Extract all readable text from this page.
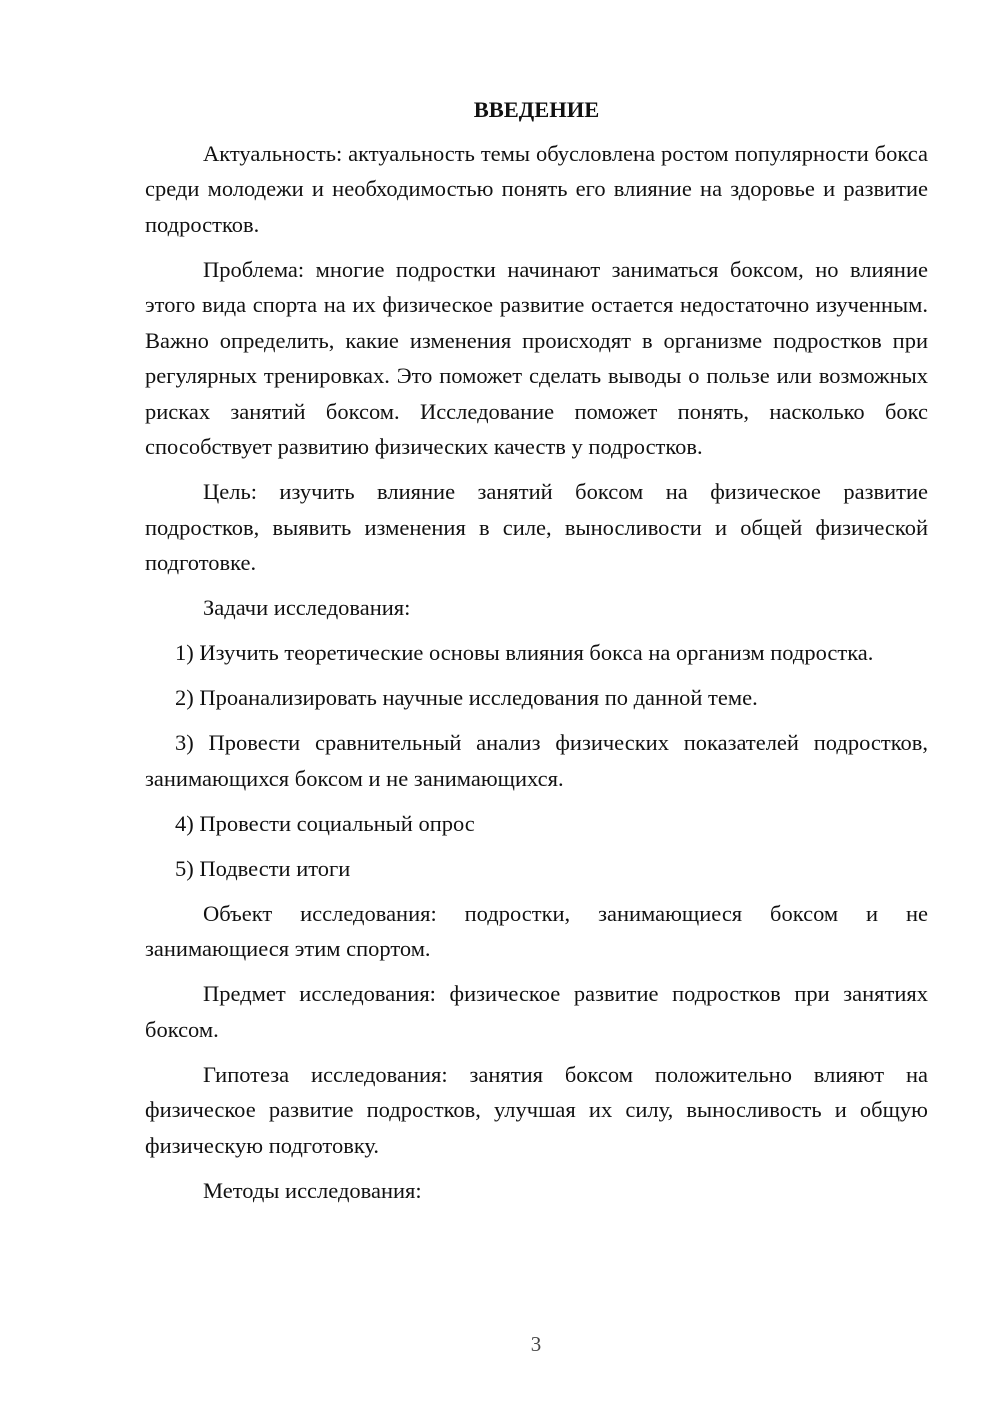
ВВЕДЕНИЕ

Актуальность: актуальность темы обусловлена ростом популярности бокса среди молодежи и необходимостью понять его влияние на здоровье и развитие подростков.

Проблема: многие подростки начинают заниматься боксом, но влияние этого вида спорта на их физическое развитие остается недостаточно изученным. Важно определить, какие изменения происходят в организме подростков при регулярных тренировках. Это поможет сделать выводы о пользе или возможных рисках занятий боксом. Исследование поможет понять, насколько бокс способствует развитию физических качеств у подростков.

Цель: изучить влияние занятий боксом на физическое развитие подростков, выявить изменения в силе, выносливости и общей физической подготовке.

Задачи исследования:

1) Изучить теоретические основы влияния бокса на организм подростка.

2) Проанализировать научные исследования по данной теме.

3) Провести сравнительный анализ физических показателей подростков, занимающихся боксом и не занимающихся.

4) Провести социальный опрос

5) Подвести итоги

Объект исследования: подростки, занимающиеся боксом и не занимающиеся этим спортом.

Предмет исследования: физическое развитие подростков при занятиях боксом.

Гипотеза исследования: занятия боксом положительно влияют на физическое развитие подростков, улучшая их силу, выносливость и общую физическую подготовку.

Методы исследования:

3
